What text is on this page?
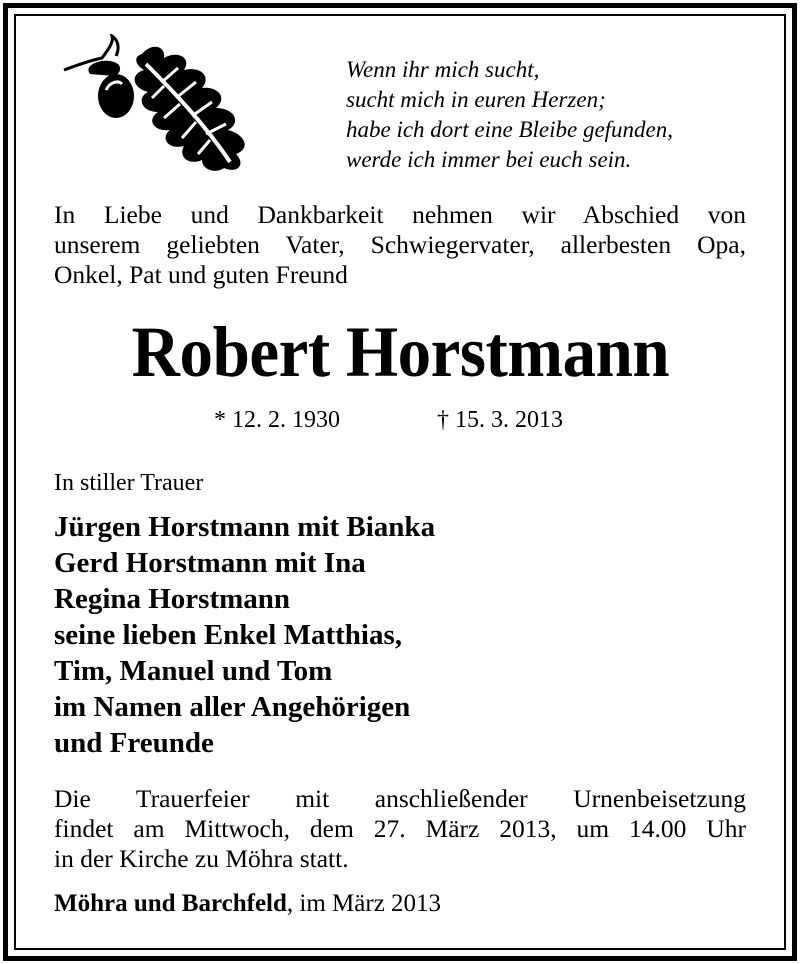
Wenn ihr mich sucht,
sucht mich in euren Herzen;
habe ich dort eine Bleibe gefunden,
werde ich immer bei euch sein.
In Liebe und Dankbarkeit nehmen wir Abschied von
unserem geliebten Vater, Schwiegervater, allerbesten Opa,
Onkel, Pat und guten Freund
Robert Horstmann
* 12. 2. 1930	† 15. 3. 2013
In stiller Trauer
Jürgen Horstmann mit Bianka
Gerd Horstmann mit Ina
Regina Horstmann
seine lieben Enkel Matthias,
Tim, Manuel und Tom
im Namen aller Angehörigen
und Freunde
Die Trauerfeier mit anschließender Urnenbeisetzung
findet am Mittwoch, dem 27. März 2013, um 14.00 Uhr
in der Kirche zu Möhra statt.
Möhra und Barchfeld, im März 2013
